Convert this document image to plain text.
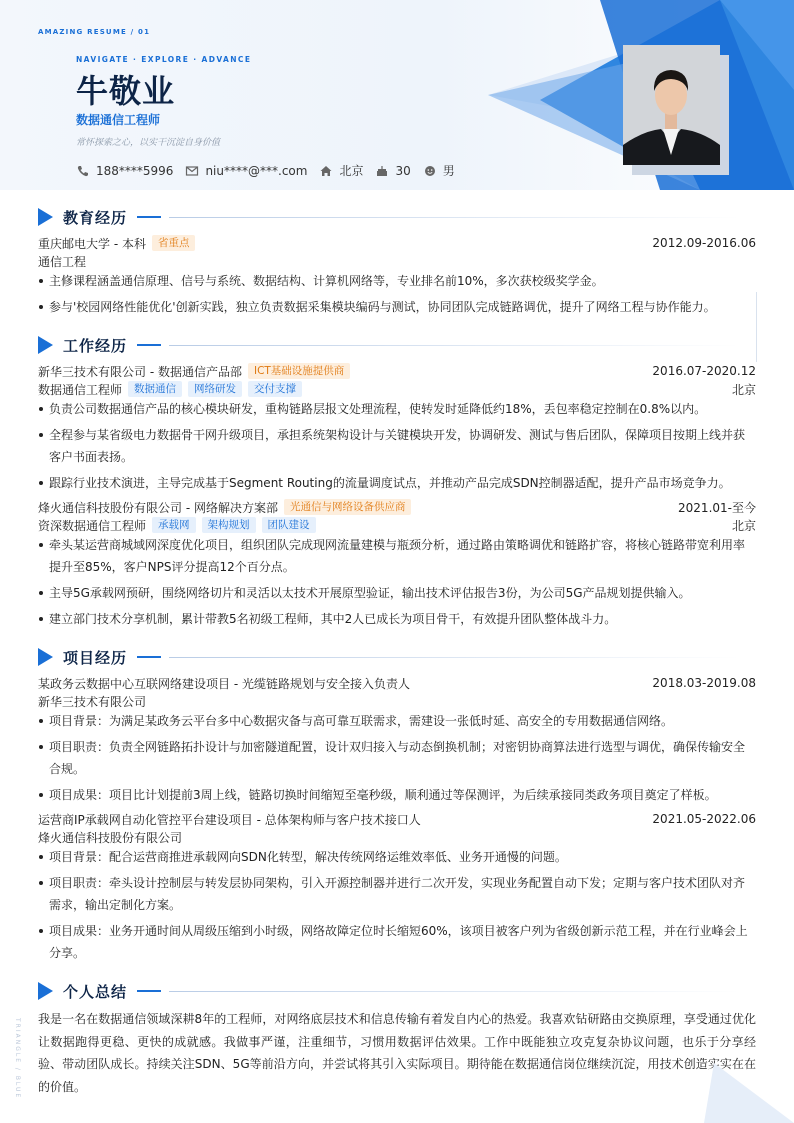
AMAZING RESUME / 01
NAVIGATE · EXPLORE · ADVANCE
牛敬业
数据通信工程师
常怀探索之心，以实干沉淀自身价值
188****5996	niu****@***.com	北京	30	男
教育经历
重庆邮电大学 - 本科	省重点	2012.09-2016.06
通信工程
主修课程涵盖通信原理、信号与系统、数据结构、计算机网络等，专业排名前10%，多次获校级奖学金。
参与'校园网络性能优化'创新实践，独立负责数据采集模块编码与测试，协同团队完成链路调优，提升了网络工程与协作能力。
工作经历
新华三技术有限公司 - 数据通信产品部	ICT基础设施提供商	2016.07-2020.12
数据通信工程师	数据通信	网络研发	交付支撑	北京
负责公司数据通信产品的核心模块研发，重构链路层报文处理流程，使转发时延降低约18%，丢包率稳定控制在0.8%以内。
全程参与某省级电力数据骨干网升级项目，承担系统架构设计与关键模块开发，协调研发、测试与售后团队，保障项目按期上线并获客户书面表扬。
跟踪行业技术演进，主导完成基于Segment Routing的流量调度试点，并推动产品完成SDN控制器适配，提升产品市场竞争力。
烽火通信科技股份有限公司 - 网络解决方案部	光通信与网络设备供应商	2021.01-至今
资深数据通信工程师	承载网	架构规划	团队建设	北京
牵头某运营商城域网深度优化项目，组织团队完成现网流量建模与瓶颈分析，通过路由策略调优和链路扩容，将核心链路带宽利用率提升至85%，客户NPS评分提高12个百分点。
主导5G承载网预研，围绕网络切片和灵活以太技术开展原型验证，输出技术评估报告3份，为公司5G产品规划提供输入。
建立部门技术分享机制，累计带教5名初级工程师，其中2人已成长为项目骨干，有效提升团队整体战斗力。
项目经历
某政务云数据中心互联网络建设项目 - 光缆链路规划与安全接入负责人	2018.03-2019.08
新华三技术有限公司
项目背景：为满足某政务云平台多中心数据灾备与高可靠互联需求，需建设一张低时延、高安全的专用数据通信网络。
项目职责：负责全网链路拓扑设计与加密隧道配置，设计双归接入与动态倒换机制；对密钥协商算法进行选型与调优，确保传输安全合规。
项目成果：项目比计划提前3周上线，链路切换时间缩短至毫秒级，顺利通过等保测评，为后续承接同类政务项目奠定了样板。
运营商IP承载网自动化管控平台建设项目 - 总体架构师与客户技术接口人	2021.05-2022.06
烽火通信科技股份有限公司
项目背景：配合运营商推进承载网向SDN化转型，解决传统网络运维效率低、业务开通慢的问题。
项目职责：牵头设计控制层与转发层协同架构，引入开源控制器并进行二次开发，实现业务配置自动下发；定期与客户技术团队对齐需求，输出定制化方案。
项目成果：业务开通时间从周级压缩到小时级，网络故障定位时长缩短60%，该项目被客户列为省级创新示范工程，并在行业峰会上分享。
个人总结
我是一名在数据通信领域深耕8年的工程师，对网络底层技术和信息传输有着发自内心的热爱。我喜欢钻研路由交换原理，享受通过优化让数据跑得更稳、更快的成就感。我做事严谨，注重细节，习惯用数据评估效果。工作中既能独立攻克复杂协议问题，也乐于分享经验、带动团队成长。持续关注SDN、5G等前沿方向，并尝试将其引入实际项目。期待能在数据通信岗位继续沉淀，用技术创造实实在在的价值。
TRIANGLE / BLUE
